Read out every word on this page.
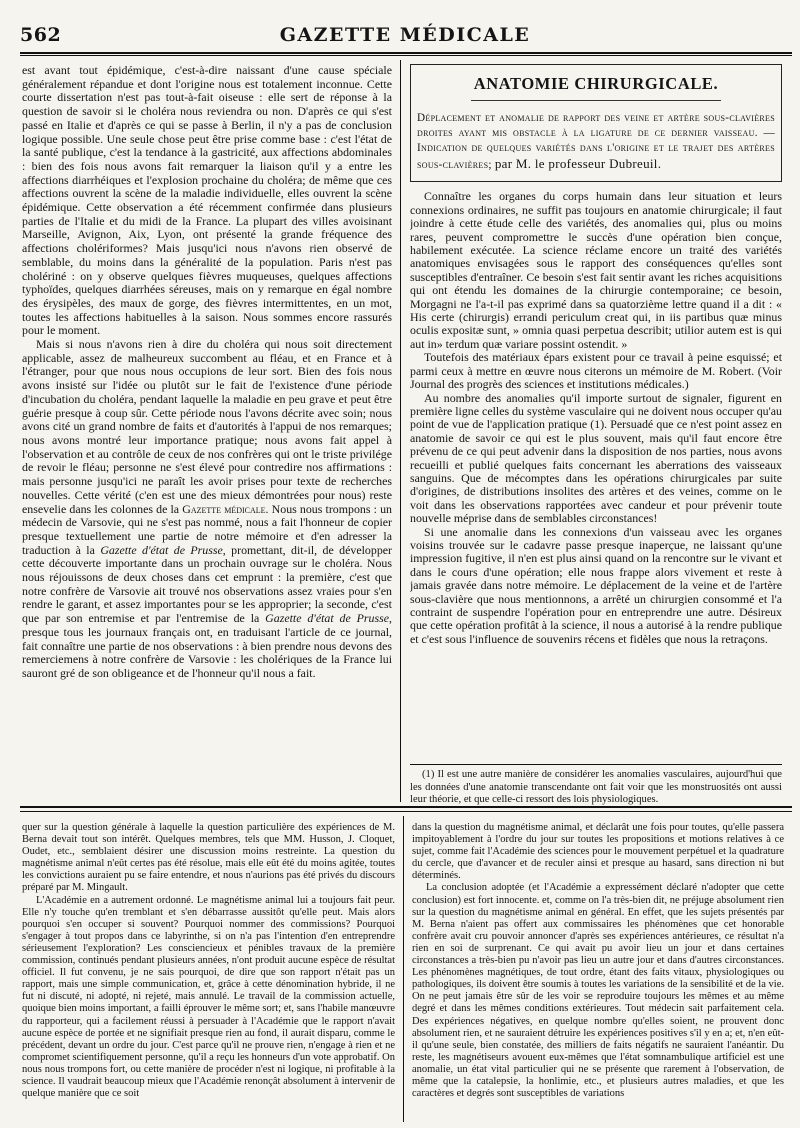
562	GAZETTE MÉDICALE

est avant tout épidémique, c'est-à-dire naissant d'une cause spéciale généralement répandue et dont l'origine nous est totalement inconnue. Cette courte dissertation n'est pas tout-à-fait oiseuse : elle sert de réponse à la question de savoir si le choléra nous reviendra ou non. D'après ce qui s'est passé en Italie et d'après ce qui se passe à Berlin, il n'y a pas de conclusion logique possible. Une seule chose peut être prise comme base : c'est l'état de la santé publique, c'est la tendance à la gastricité, aux affections abdominales : bien des fois nous avons fait remarquer la liaison qu'il y a entre les affections diarrhéiques et l'explosion prochaine du choléra; de même que ces affections ouvrent la scène de la maladie individuelle, elles ouvrent la scène épidémique. Cette observation a été récemment confirmée dans plusieurs parties de l'Italie et du midi de la France. La plupart des villes avoisinant Marseille, Avignon, Aix, Lyon, ont présenté la grande fréquence des affections cholériformes? Mais jusqu'ici nous n'avons rien observé de semblable, du moins dans la généralité de la population. Paris n'est pas cholériné : on y observe quelques fièvres muqueuses, quelques affections typhoïdes, quelques diarrhées séreuses, mais on y remarque en égal nombre des érysipèles, des maux de gorge, des fièvres intermittentes, en un mot, toutes les affections habituelles à la saison. Nous sommes encore rassurés pour le moment.

Mais si nous n'avons rien à dire du choléra qui nous soit directement applicable, assez de malheureux succombent au fléau, et en France et à l'étranger, pour que nous nous occupions de leur sort. Bien des fois nous avons insisté sur l'idée ou plutôt sur le fait de l'existence d'une période d'incubation du choléra, pendant laquelle la maladie en peu grave et peut être guérie presque à coup sûr. Cette période nous l'avons décrite avec soin; nous avons cité un grand nombre de faits et d'autorités à l'appui de nos remarques; nous avons montré leur importance pratique; nous avons fait appel à l'observation et au contrôle de ceux de nos confrères qui ont le triste privilége de revoir le fléau; personne ne s'est élevé pour contredire nos affirmations : mais personne jusqu'ici ne paraît les avoir prises pour texte de recherches nouvelles. Cette vérité (c'en est une des mieux démontrées pour nous) reste ensevelie dans les colonnes de la Gazette médicale. Nous nous trompons : un médecin de Varsovie, qui ne s'est pas nommé, nous a fait l'honneur de copier presque textuellement une partie de notre mémoire et d'en adresser la traduction à la Gazette d'état de Prusse, promettant, dit-il, de développer cette découverte importante dans un prochain ouvrage sur le choléra. Nous nous réjouissons de deux choses dans cet emprunt : la première, c'est que notre confrère de Varsovie ait trouvé nos observations assez vraies pour s'en rendre le garant, et assez importantes pour se les approprier; la seconde, c'est que par son entremise et par l'entremise de la Gazette d'état de Prusse, presque tous les journaux français ont, en traduisant l'article de ce journal, fait connaître une partie de nos observations : à bien prendre nous devons des remerciemens à notre confrère de Varsovie : les cholériques de la France lui sauront gré de son obligeance et de l'honneur qu'il nous a fait.

ANATOMIE CHIRURGICALE.
Déplacement et anomalie de rapport des veine et artère sous-clavières droites ayant mis obstacle à la ligature de ce dernier vaisseau. — Indication de quelques variétés dans l'origine et le trajet des artères sous-clavières; par M. le professeur Dubreuil.

Connaître les organes du corps humain dans leur situation et leurs connexions ordinaires, ne suffit pas toujours en anatomie chirurgicale; il faut joindre à cette étude celle des variétés, des anomalies qui, plus ou moins rares, peuvent compromettre le succès d'une opération bien conçue, habilement exécutée. La science réclame encore un traité des variétés anatomiques envisagées sous le rapport des conséquences qu'elles sont susceptibles d'entraîner. Ce besoin s'est fait sentir avant les riches acquisitions qui ont étendu les domaines de la chirurgie contemporaine; ce besoin, Morgagni ne l'a-t-il pas exprimé dans sa quatorzième lettre quand il a dit : « His certe (chirurgis) errandi periculum creat qui, in iis partibus quæ minus oculis expositæ sunt, » omnia quasi perpetua describit; utilior autem est is qui aut in» terdum quæ variare possint ostendit. »

Toutefois des matériaux épars existent pour ce travail à peine esquissé; et parmi ceux à mettre en œuvre nous citerons un mémoire de M. Robert. (Voir Journal des progrès des sciences et institutions médicales.)

Au nombre des anomalies qu'il importe surtout de signaler, figurent en première ligne celles du système vasculaire qui ne doivent nous occuper qu'au point de vue de l'application pratique (1). Persuadé que ce n'est point assez en anatomie de savoir ce qui est le plus souvent, mais qu'il faut encore être prévenu de ce qui peut advenir dans la disposition de nos parties, nous avons recueilli et publié quelques faits concernant les aberrations des vaisseaux sanguins. Que de mécomptes dans les opérations chirurgicales par suite d'origines, de distributions insolites des artères et des veines, comme on le voit dans les observations rapportées avec candeur et pour prévenir toute nouvelle méprise dans de semblables circonstances!

Si une anomalie dans les connexions d'un vaisseau avec les organes voisins trouvée sur le cadavre passe presque inaperçue, ne laissant qu'une impression fugitive, il n'en est plus ainsi quand on la rencontre sur le vivant et dans le cours d'une opération; elle nous frappe alors vivement et reste à jamais gravée dans notre mémoire. Le déplacement de la veine et de l'artère sous-clavière que nous mentionnons, a arrêté un chirurgien consommé et l'a contraint de suspendre l'opération pour en entreprendre une autre. Désireux que cette opération profitât à la science, il nous a autorisé à la rendre publique et c'est sous l'influence de souvenirs récens et fidèles que nous la retraçons.

(1) Il est une autre manière de considérer les anomalies vasculaires, aujourd'hui que les données d'une anatomie transcendante ont fait voir que les monstruosités ont aussi leur théorie, et que celle-ci ressort des lois physiologiques.

quer sur la question générale à laquelle la question particulière des expériences de M. Berna devait tout son intérêt. Quelques membres, tels que MM. Husson, J. Cloquet, Oudet, etc., semblaient désirer une discussion moins restreinte. La question du magnétisme animal n'eût certes pas été résolue, mais elle eût été du moins agitée, toutes les convictions auraient pu se faire entendre, et nous n'aurions pas été privés du discours préparé par M. Mingault.

L'Académie en a autrement ordonné. Le magnétisme animal lui a toujours fait peur. Elle n'y touche qu'en tremblant et s'en débarrasse aussitôt qu'elle peut. Mais alors pourquoi s'en occuper si souvent? Pourquoi nommer des commissions? Pourquoi s'engager à tout propos dans ce labyrinthe, si on n'a pas l'intention d'en entreprendre sérieusement l'exploration? Les consciencieux et pénibles travaux de la première commission, continués pendant plusieurs années, n'ont produit aucune espèce de résultat officiel. Il fut convenu, je ne sais pourquoi, de dire que son rapport n'était pas un rapport, mais une simple communication, et, grâce à cette dénomination hybride, il ne fut ni discuté, ni adopté, ni rejeté, mais annulé. Le travail de la commission actuelle, quoique bien moins important, a failli éprouver le même sort; et, sans l'habile manœuvre du rapporteur, qui a facilement réussi à persuader à l'Académie que le rapport n'avait aucune espèce de portée et ne signifiait presque rien au fond, il aurait disparu, comme le précédent, devant un ordre du jour. C'est parce qu'il ne prouve rien, n'engage à rien et ne compromet scientifiquement personne, qu'il a reçu les honneurs d'un vote approbatif. On nous nous trompons fort, ou cette manière de procéder n'est ni logique, ni profitable à la science. Il vaudrait beaucoup mieux que l'Académie renonçât absolument à intervenir de quelque manière que ce soit

dans la question du magnétisme animal, et déclarât une fois pour toutes, qu'elle passera impitoyablement à l'ordre du jour sur toutes les propositions et motions relatives à ce sujet, comme fait l'Académie des sciences pour le mouvement perpétuel et la quadrature du cercle, que d'avancer et de reculer ainsi et presque au hasard, sans direction ni but déterminés.

La conclusion adoptée (et l'Académie a expressément déclaré n'adopter que cette conclusion) est fort innocente. et, comme on l'a très-bien dit, ne préjuge absolument rien sur la question du magnétisme animal en général. En effet, que les sujets présentés par M. Berna n'aient pas offert aux commissaires les phénomènes que cet honorable confrère avait cru pouvoir annoncer d'après ses expériences antérieures, ce résultat n'a rien en soi de surprenant. Ce qui avait pu avoir lieu un jour et dans certaines circonstances a très-bien pu n'avoir pas lieu un autre jour et dans d'autres circonstances. Les phénomènes magnétiques, de tout ordre, étant des faits vitaux, physiologiques ou pathologiques, ils doivent être soumis à toutes les variations de la sensibilité et de la vie. On ne peut jamais être sûr de les voir se reproduire toujours les mêmes et au même degré et dans les mêmes conditions extérieures. Tout médecin sait parfaitement cela. Des expériences négatives, en quelque nombre qu'elles soient, ne prouvent donc absolument rien, et ne sauraient détruire les expériences positives s'il y en a; et, n'en eût-il qu'une seule, bien constatée, des milliers de faits négatifs ne sauraient l'anéantir. Du reste, les magnétiseurs avouent eux-mêmes que l'état somnambulique artificiel est une anomalie, un état vital particulier qui ne se présente que rarement à l'observation, de même que la catalepsie, la honlimie, etc., et plusieurs autres maladies, et que les caractères et degrés sont susceptibles de variations
